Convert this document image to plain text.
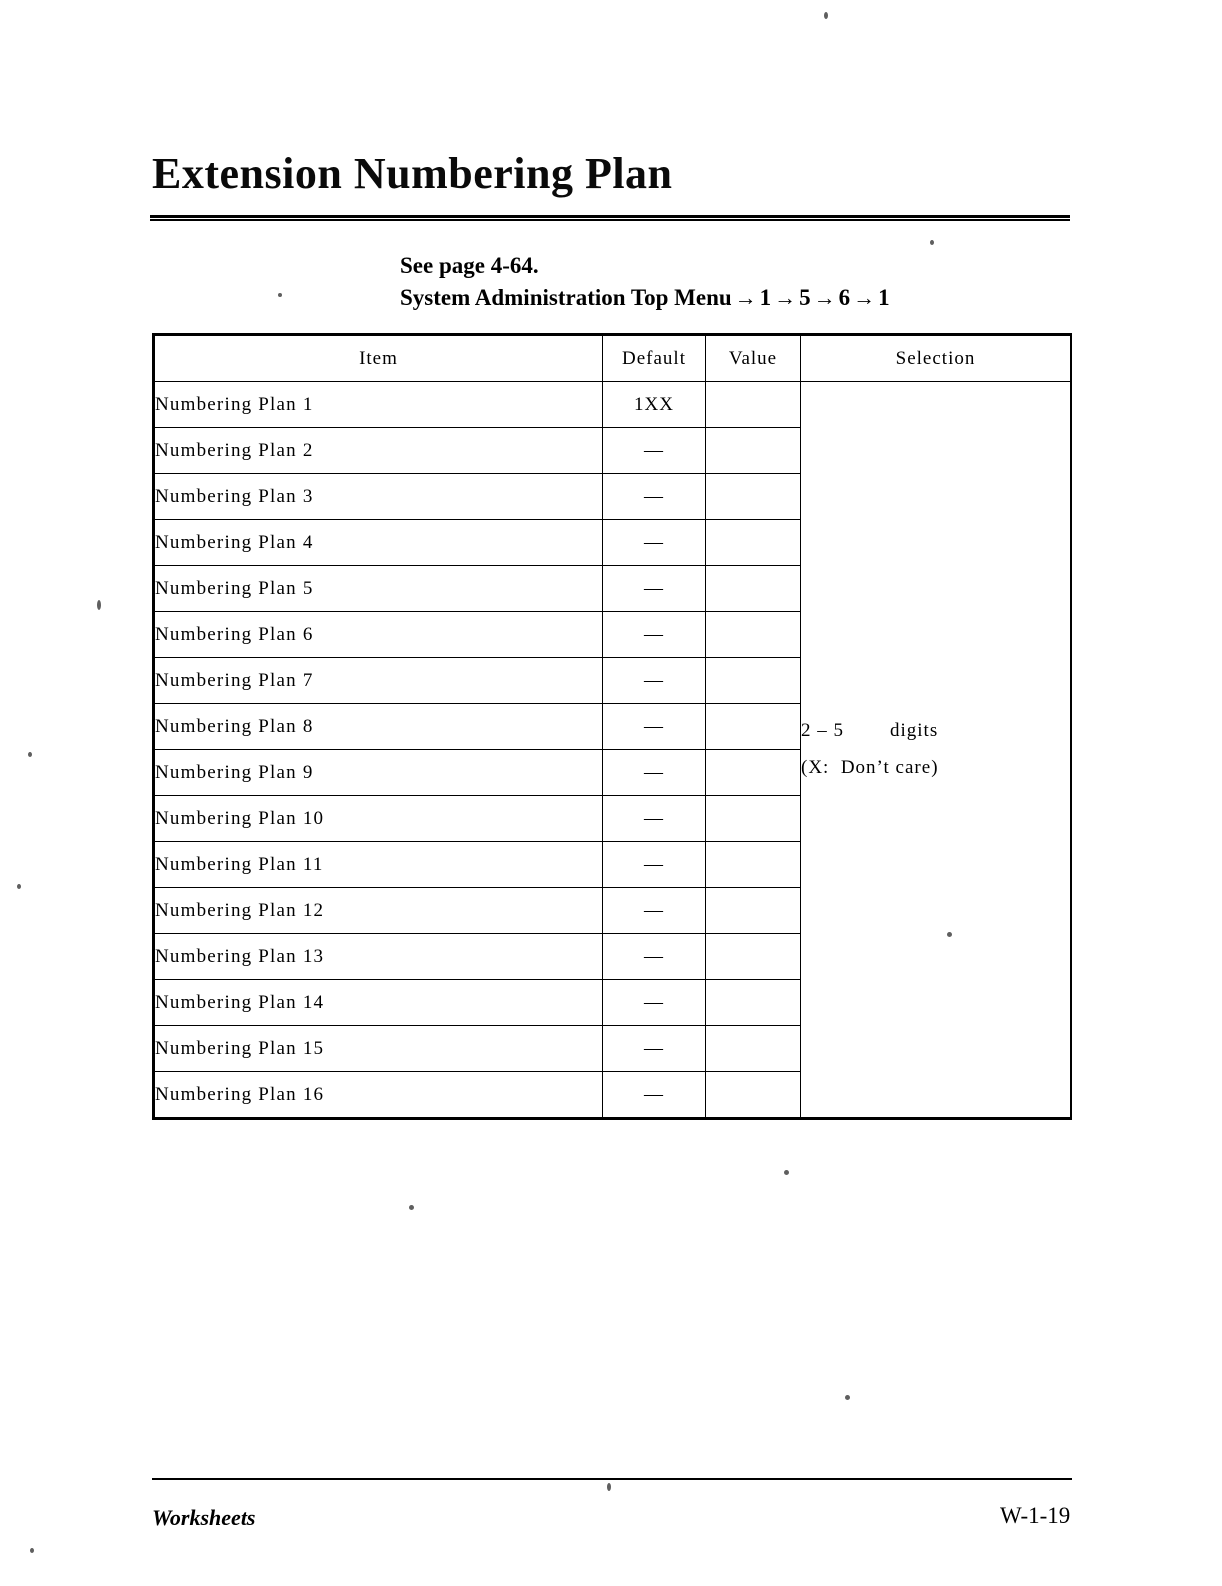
Extension Numbering Plan
See page 4-64.
System Administration Top Menu → 1 → 5 → 6 → 1
Item	Default	Value	Selection
Numbering Plan 1	1XX		2 – 5        digits
(X:  Don’t care)

Numbering Plan 2	—		
Numbering Plan 3	—		
Numbering Plan 4	—		
Numbering Plan 5	—		
Numbering Plan 6	—		
Numbering Plan 7	—		
Numbering Plan 8	—		
Numbering Plan 9	—		
Numbering Plan 10	—		
Numbering Plan 11	—		
Numbering Plan 12	—		
Numbering Plan 13	—		
Numbering Plan 14	—		
Numbering Plan 15	—		
Numbering Plan 16	—		
Worksheets	W-1-19
